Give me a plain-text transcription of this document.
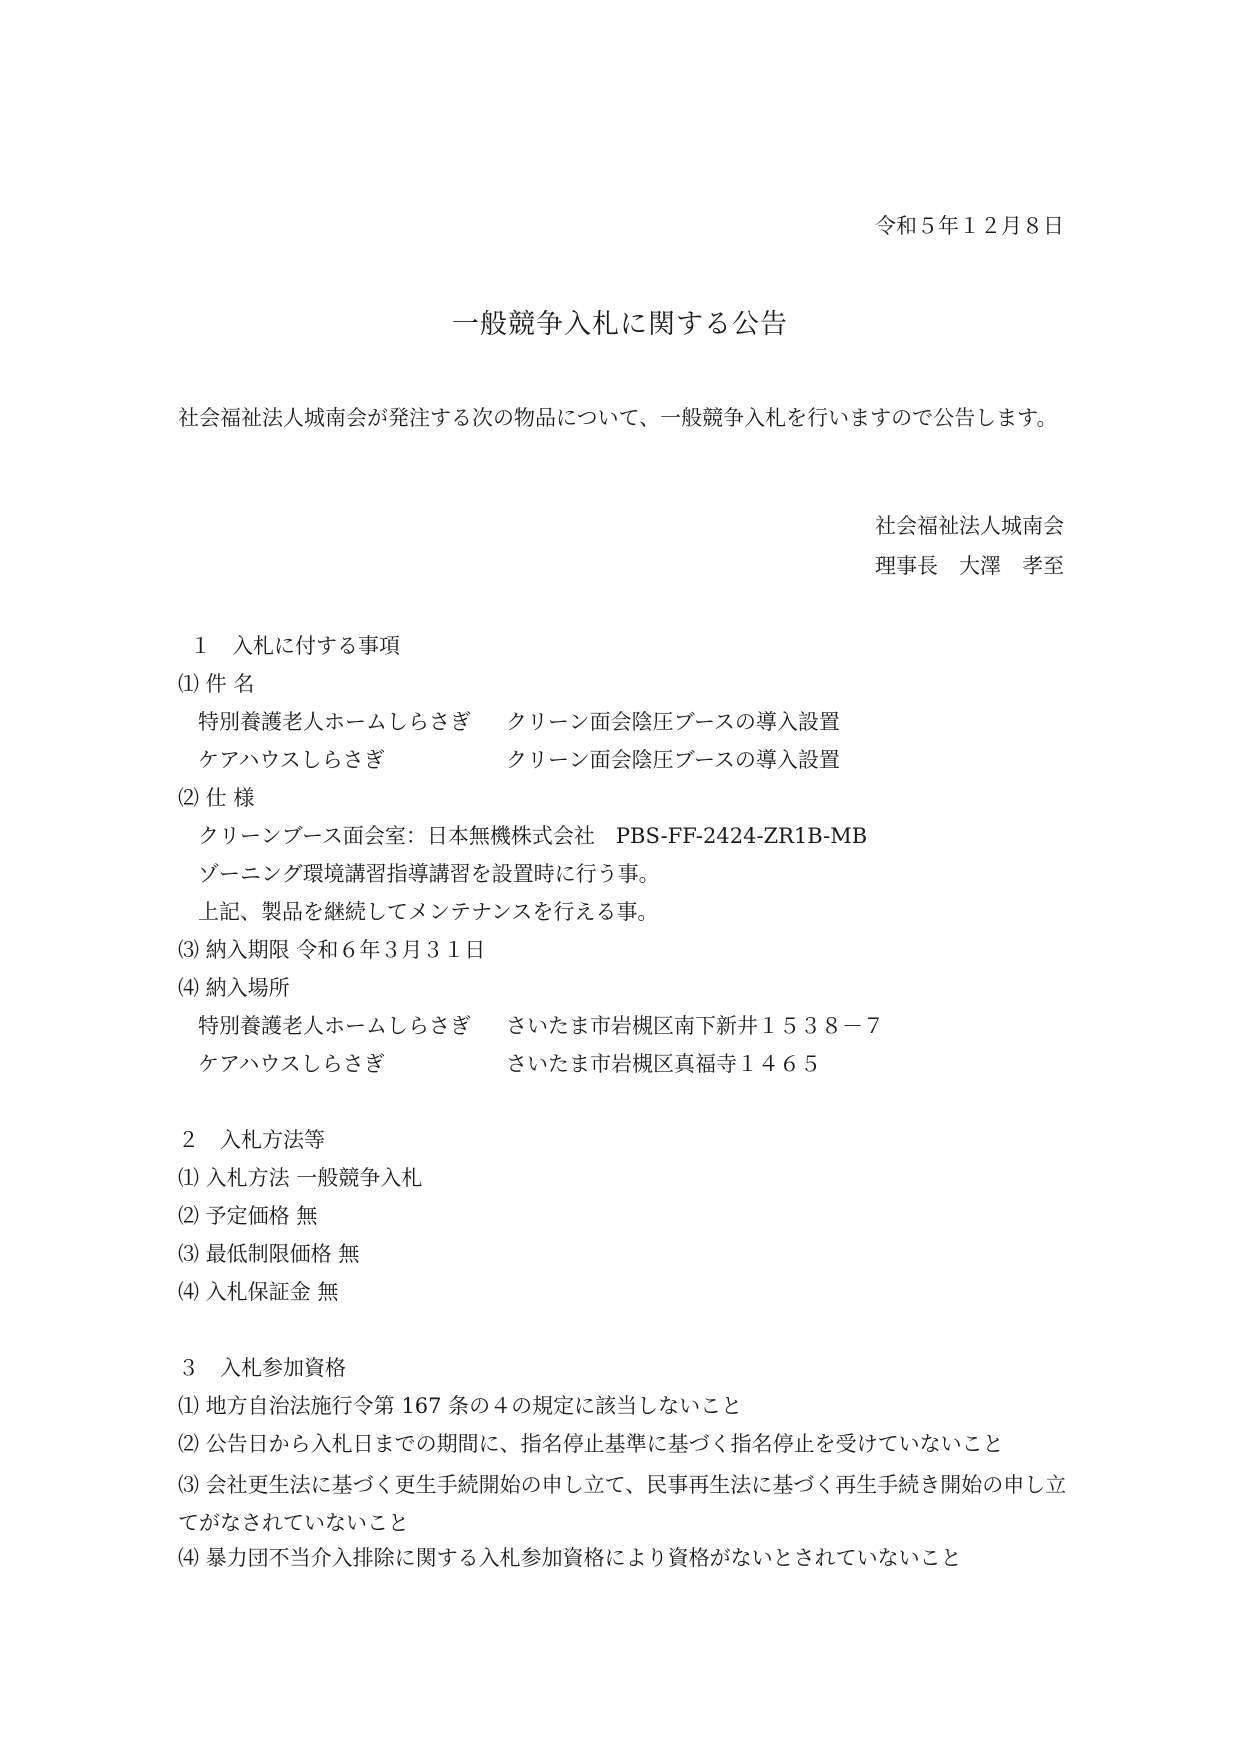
令和５年１２月８日
一般競争入札に関する公告
社会福祉法人城南会が発注する次の物品について、一般競争入札を行いますので公告します。
社会福祉法人城南会
理事長　大澤　孝至
１　入札に付する事項
⑴ 件 名
特別養護老人ホームしらさぎ クリーン面会陰圧ブースの導入設置
ケアハウスしらさぎ	クリーン面会陰圧ブースの導入設置
⑵ 仕 様
クリーンブース面会室：日本無機株式会社　PBS-FF-2424-ZR1B-MB
ゾーニング環境講習指導講習を設置時に行う事。
上記、製品を継続してメンテナンスを行える事。
⑶ 納入期限 令和６年３月３１日
⑷ 納入場所
特別養護老人ホームしらさぎ さいたま市岩槻区南下新井１５３８－７
ケアハウスしらさぎ	さいたま市岩槻区真福寺１４６５
２　入札方法等
⑴ 入札方法 一般競争入札
⑵ 予定価格 無
⑶ 最低制限価格 無
⑷ 入札保証金 無
３　入札参加資格
⑴ 地方自治法施行令第 167 条の４の規定に該当しないこと
⑵ 公告日から入札日までの期間に、指名停止基準に基づく指名停止を受けていないこと
⑶ 会社更生法に基づく更生手続開始の申し立て、民事再生法に基づく再生手続き開始の申し立てがなされていないこと
⑷ 暴力団不当介入排除に関する入札参加資格により資格がないとされていないこと
